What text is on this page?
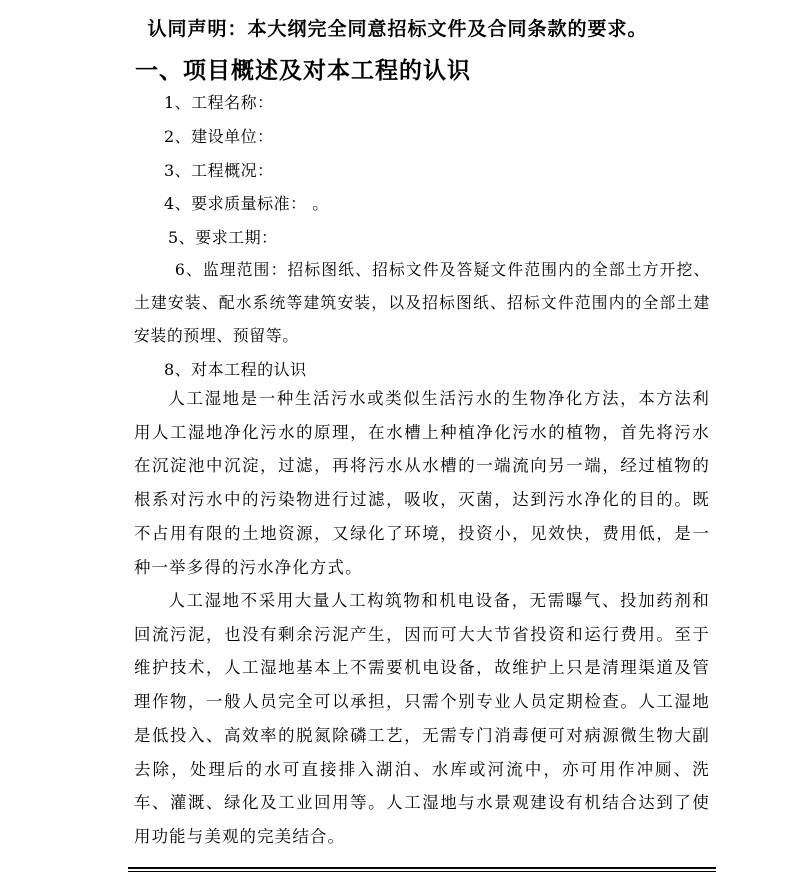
认同声明：本大纲完全同意招标文件及合同条款的要求。
一、项目概述及对本工程的认识
1、工程名称：
2、建设单位：
3、工程概况：
4、要求质量标准： 。
5、要求工期：
6、监理范围：招标图纸、招标文件及答疑文件范围内的全部土方开挖、土建安装、配水系统等建筑安装，以及招标图纸、招标文件范围内的全部土建安装的预埋、预留等。
8、对本工程的认识
人工湿地是一种生活污水或类似生活污水的生物净化方法，本方法利用人工湿地净化污水的原理，在水槽上种植净化污水的植物，首先将污水在沉淀池中沉淀，过滤，再将污水从水槽的一端流向另一端，经过植物的根系对污水中的污染物进行过滤，吸收，灭菌，达到污水净化的目的。既不占用有限的土地资源，又绿化了环境，投资小，见效快，费用低，是一种一举多得的污水净化方式。
人工湿地不采用大量人工构筑物和机电设备，无需曝气、投加药剂和回流污泥，也没有剩余污泥产生，因而可大大节省投资和运行费用。至于维护技术，人工湿地基本上不需要机电设备，故维护上只是清理渠道及管理作物，一般人员完全可以承担，只需个别专业人员定期检查。人工湿地是低投入、高效率的脱氮除磷工艺，无需专门消毒便可对病源微生物大副去除，处理后的水可直接排入湖泊、水库或河流中，亦可用作冲厕、洗车、灌溉、绿化及工业回用等。人工湿地与水景观建设有机结合达到了使用功能与美观的完美结合。
